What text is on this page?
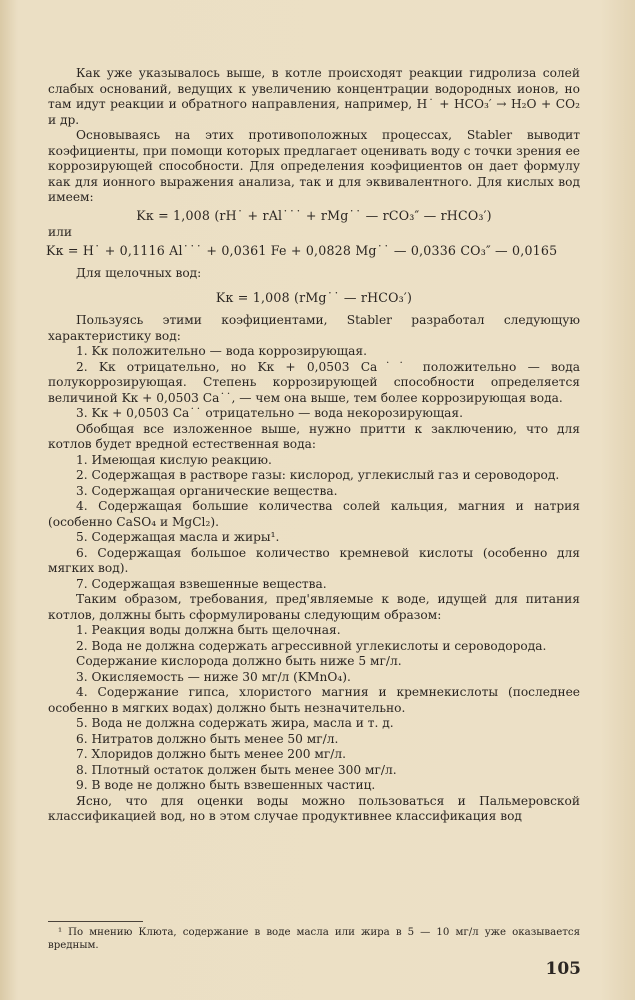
Как уже указывалось выше, в котле происходят реакции гидролиза солей слабых оснований, ведущих к увеличению концентрации водородных ионов, но там идут реакции и обратного направления, например, H˙ + HCO₃′ → H₂O + CO₂ и др.

Основываясь на этих противоположных процессах, Stabler выводит коэфициенты, при помощи которых предлагает оценивать воду с точки зрения ее коррозирующей способности. Для определения коэфициентов он дает формулу как для ионного выражения анализа, так и для эквивалентного. Для кислых вод имеем:

Kк = 1,008 (rH˙ + rAl˙˙˙ + rMg˙˙ — rCO₃″ — rHCO₃′)

или

Kк = H˙ + 0,1116 Al˙˙˙ + 0,0361 Fe + 0,0828 Mg˙˙ — 0,0336 CO₃″ — 0,0165

Для щелочных вод:

Kк = 1,008 (rMg˙˙ — rHCO₃′)

Пользуясь этими коэфициентами, Stabler разработал следующую характеристику вод:

1. Kк положительно — вода коррозирующая.

2. Kк отрицательно, но Kк + 0,0503 Ca˙˙ положительно — вода полукоррозирующая. Степень коррозирующей способности определяется величиной Kк + 0,0503 Ca˙˙, — чем она выше, тем более коррозирующая вода.

3. Kк + 0,0503 Ca˙˙ отрицательно — вода некорозирующая.

Обобщая все изложенное выше, нужно притти к заключению, что для котлов будет вредной естественная вода:

1. Имеющая кислую реакцию.

2. Содержащая в растворе газы: кислород, углекислый газ и сероводород.

3. Содержащая органические вещества.

4. Содержащая большие количества солей кальция, магния и натрия (особенно CaSO₄ и MgCl₂).

5. Содержащая масла и жиры¹.

6. Содержащая большое количество кремневой кислоты (особенно для мягких вод).

7. Содержащая взвешенные вещества.

Таким образом, требования, пред'являемые к воде, идущей для питания котлов, должны быть сформулированы следующим образом:

1. Реакция воды должна быть щелочная.

2. Вода не должна содержать агрессивной углекислоты и сероводорода.

Содержание кислорода должно быть ниже 5 мг/л.

3. Окисляемость — ниже 30 мг/л (KMnO₄).

4. Содержание гипса, хлористого магния и кремнекислоты (последнее особенно в мягких водах) должно быть незначительно.

5. Вода не должна содержать жира, масла и т. д.

6. Нитратов должно быть менее 50 мг/л.

7. Хлоридов должно быть менее 200 мг/л.

8. Плотный остаток должен быть менее 300 мг/л.

9. В воде не должно быть взвешенных частиц.

Ясно, что для оценки воды можно пользоваться и Пальмеровской классификацией вод, но в этом случае продуктивнее классификация вод

¹ По мнению Клюта, содержание в воде масла или жира в 5 — 10 мг/л уже оказывается вредным.

105
